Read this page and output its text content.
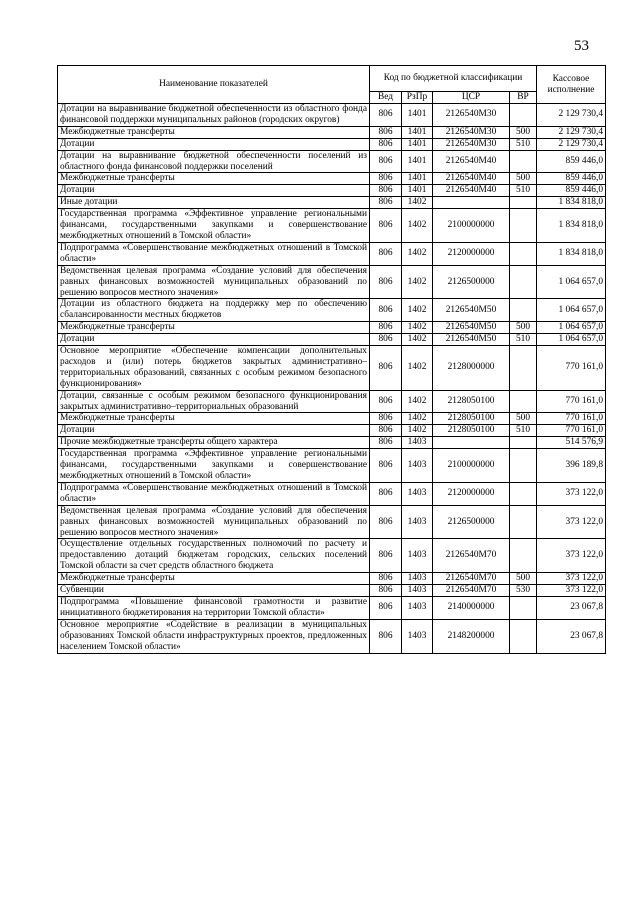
53
Наименование показателей	Код по бюджетной классификации				Кассовое исполнение
	Вед	РзПр	ЦСР	ВР	
Дотации на выравнивание бюджетной обеспеченности из областного фонда финансовой поддержки муниципальных районов (городских округов)	806	1401	2126540М30		2 129 730,4
Межбюджетные трансферты	806	1401	2126540М30	500	2 129 730,4
Дотации	806	1401	2126540М30	510	2 129 730,4
Дотации на выравнивание бюджетной обеспеченности поселений из областного фонда финансовой поддержки поселений	806	1401	2126540М40		859 446,0
Межбюджетные трансферты	806	1401	2126540М40	500	859 446,0
Дотации	806	1401	2126540М40	510	859 446,0
Иные дотации	806	1402			1 834 818,0
Государственная программа «Эффективное управление региональными финансами, государственными закупками и совершенствование межбюджетных отношений в Томской области»	806	1402	2100000000		1 834 818,0
Подпрограмма «Совершенствование межбюджетных отношений в Томской области»	806	1402	2120000000		1 834 818,0
Ведомственная целевая программа «Создание условий для обеспечения равных финансовых возможностей муниципальных образований по решению вопросов местного значения»	806	1402	2126500000		1 064 657,0
Дотации из областного бюджета на поддержку мер по обеспечению сбалансированности местных бюджетов	806	1402	2126540М50		1 064 657,0
Межбюджетные трансферты	806	1402	2126540М50	500	1 064 657,0
Дотации	806	1402	2126540М50	510	1 064 657,0
Основное мероприятие «Обеспечение компенсации дополнительных расходов и (или) потерь бюджетов закрытых административно–территориальных образований, связанных с особым режимом безопасного функционирования»	806	1402	2128000000		770 161,0
Дотации, связанные с особым режимом безопасного функционирования закрытых административно–территориальных образований	806	1402	2128050100		770 161,0
Межбюджетные трансферты	806	1402	2128050100	500	770 161,0
Дотации	806	1402	2128050100	510	770 161,0
Прочие межбюджетные трансферты общего характера	806	1403			514 576,9
Государственная программа «Эффективное управление региональными финансами, государственными закупками и совершенствование межбюджетных отношений в Томской области»	806	1403	2100000000		396 189,8
Подпрограмма «Совершенствование межбюджетных отношений в Томской области»	806	1403	2120000000		373 122,0
Ведомственная целевая программа «Создание условий для обеспечения равных финансовых возможностей муниципальных образований по решению вопросов местного значения»	806	1403	2126500000		373 122,0
Осуществление отдельных государственных полномочий по расчету и предоставлению дотаций бюджетам городских, сельских поселений Томской области за счет средств областного бюджета	806	1403	2126540М70		373 122,0
Межбюджетные трансферты	806	1403	2126540М70	500	373 122,0
Субвенции	806	1403	2126540М70	530	373 122,0
Подпрограмма «Повышение финансовой грамотности и развитие инициативного бюджетирования на территории Томской области»	806	1403	2140000000		23 067,8
Основное мероприятие «Содействие в реализации в муниципальных образованиях Томской области инфраструктурных проектов, предложенных населением Томской области»	806	1403	2148200000		23 067,8
